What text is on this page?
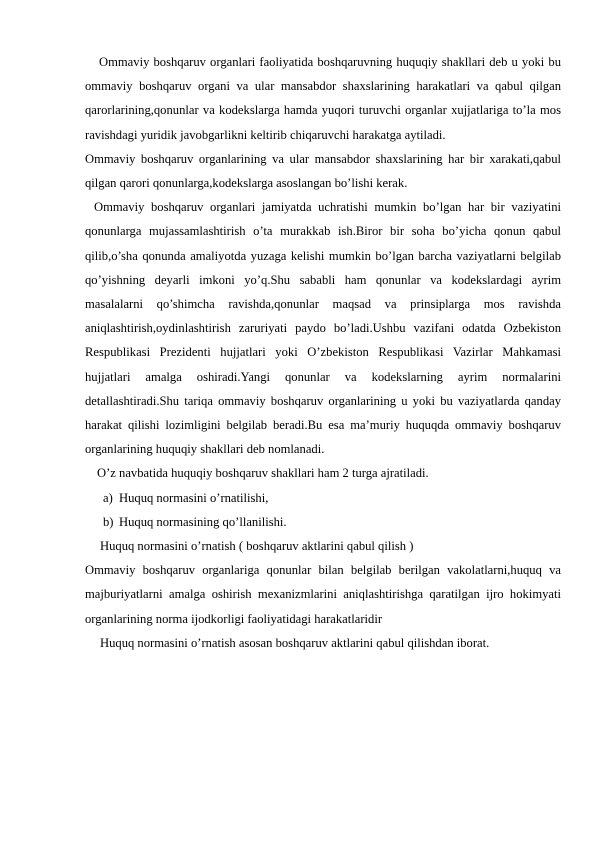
Ommaviy boshqaruv organlari faoliyatida boshqaruvning huquqiy shakllari deb u yoki bu ommaviy boshqaruv organi va ular mansabdor shaxslarining harakatlari va qabul qilgan qarorlarining,qonunlar va kodekslarga hamda yuqori turuvchi organlar xujjatlariga to’la mos ravishdagi yuridik javobgarlikni keltirib chiqaruvchi harakatga aytiladi.

Ommaviy boshqaruv organlarining va ular mansabdor shaxslarining har bir xarakati,qabul qilgan qarori qonunlarga,kodekslarga asoslangan bo’lishi kerak.

Ommaviy boshqaruv organlari jamiyatda uchratishi mumkin bo’lgan har bir vaziyatini qonunlarga mujassamlashtirish o’ta murakkab ish.Biror bir soha bo’yicha qonun qabul qilib,o’sha qonunda amaliyotda yuzaga kelishi mumkin bo’lgan barcha vaziyatlarni belgilab qo’yishning deyarli imkoni yo’q.Shu sababli ham qonunlar va kodekslardagi ayrim masalalarni qo’shimcha ravishda,qonunlar maqsad va prinsiplarga mos ravishda aniqlashtirish,oydinlashtirish zaruriyati paydo bo’ladi.Ushbu vazifani odatda Ozbekiston Respublikasi Prezidenti hujjatlari yoki O’zbekiston Respublikasi Vazirlar Mahkamasi hujjatlari amalga oshiradi.Yangi qonunlar va kodekslarning ayrim normalarini detallashtiradi.Shu tariqa ommaviy boshqaruv organlarining u yoki bu vaziyatlarda qanday harakat qilishi lozimligini belgilab beradi.Bu esa ma’muriy huquqda ommaviy boshqaruv organlarining huquqiy shakllari deb nomlanadi.

O’z navbatida huquqiy boshqaruv shakllari ham 2 turga ajratiladi.

a) Huquq normasini o’rnatilishi,
b) Huquq normasining qo’llanilishi.

Huquq normasini o’rnatish ( boshqaruv aktlarini qabul qilish )

Ommaviy boshqaruv organlariga qonunlar bilan belgilab berilgan vakolatlarni,huquq va majburiyatlarni amalga oshirish mexanizmlarini aniqlashtirishga qaratilgan ijro hokimyati organlarining norma ijodkorligi faoliyatidagi harakatlaridir

Huquq normasini o’rnatish asosan boshqaruv aktlarini qabul qilishdan iborat.
